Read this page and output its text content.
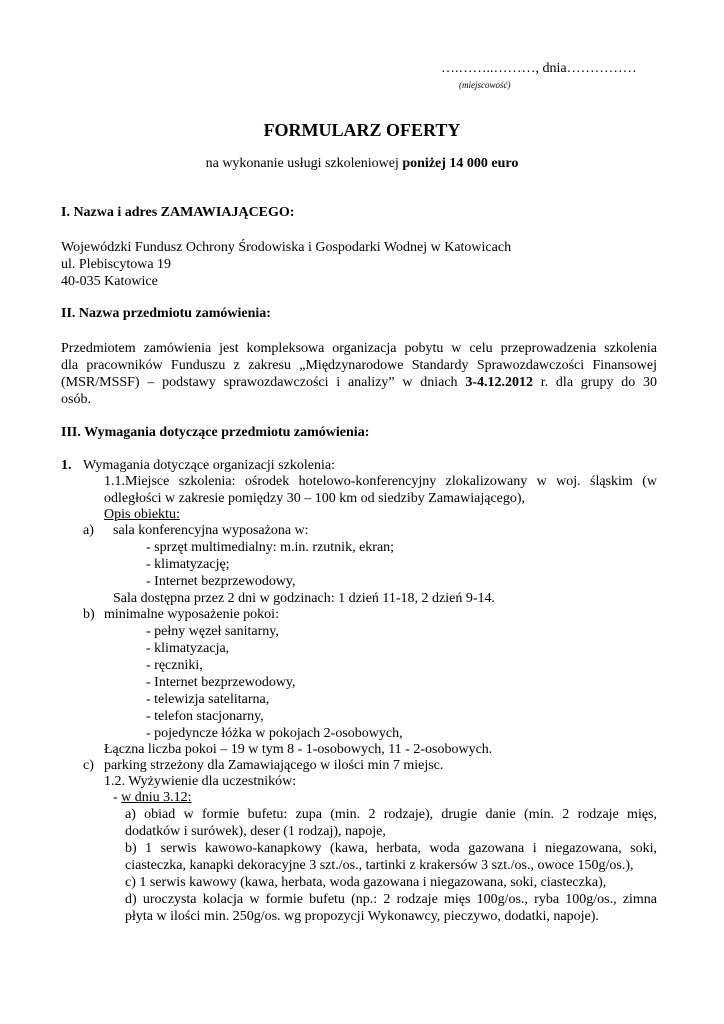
….……..………, dnia……………
(miejscowość)
FORMULARZ OFERTY
na wykonanie usługi szkoleniowej poniżej 14 000 euro
I. Nazwa i adres ZAMAWIAJĄCEGO:
Wojewódzki Fundusz Ochrony Środowiska i Gospodarki Wodnej w Katowicach
ul. Plebiscytowa 19
40-035 Katowice
II. Nazwa przedmiotu zamówienia:
Przedmiotem zamówienia jest kompleksowa organizacja pobytu w celu przeprowadzenia szkolenia
dla pracowników Funduszu z zakresu „Międzynarodowe Standardy Sprawozdawczości Finansowej
(MSR/MSSF) – podstawy sprawozdawczości i analizy” w dniach 3-4.12.2012 r. dla grupy do 30
osób.
III. Wymagania dotyczące przedmiotu zamówienia:
1. Wymagania dotyczące organizacji szkolenia:
1.1.Miejsce szkolenia: ośrodek hotelowo-konferencyjny zlokalizowany w woj. śląskim (w
odległości w zakresie pomiędzy 30 – 100 km od siedziby Zamawiającego),
Opis obiektu:
a) sala konferencyjna wyposażona w:
- sprzęt multimedialny: m.in. rzutnik, ekran;
- klimatyzację;
- Internet bezprzewodowy,
Sala dostępna przez 2 dni w godzinach: 1 dzień 11-18, 2 dzień 9-14.
b) minimalne wyposażenie pokoi:
- pełny węzeł sanitarny,
- klimatyzacja,
- ręczniki,
- Internet bezprzewodowy,
- telewizja satelitarna,
- telefon stacjonarny,
- pojedyncze łóżka w pokojach 2-osobowych,
Łączna liczba pokoi – 19 w tym 8 - 1-osobowych, 11 - 2-osobowych.
c) parking strzeżony dla Zamawiającego w ilości min 7 miejsc.
1.2. Wyżywienie dla uczestników:
- w dniu 3.12:
a) obiad w formie bufetu: zupa (min. 2 rodzaje), drugie danie (min. 2 rodzaje mięs,
dodatków i surówek), deser (1 rodzaj), napoje,
b) 1 serwis kawowo-kanapkowy (kawa, herbata, woda gazowana i niegazowana, soki,
ciasteczka, kanapki dekoracyjne 3 szt./os., tartinki z krakersów 3 szt./os., owoce 150g/os.),
c) 1 serwis kawowy (kawa, herbata, woda gazowana i niegazowana, soki, ciasteczka),
d) uroczysta kolacja w formie bufetu (np.: 2 rodzaje mięs 100g/os., ryba 100g/os., zimna
płyta w ilości min. 250g/os. wg propozycji Wykonawcy, pieczywo, dodatki, napoje).
